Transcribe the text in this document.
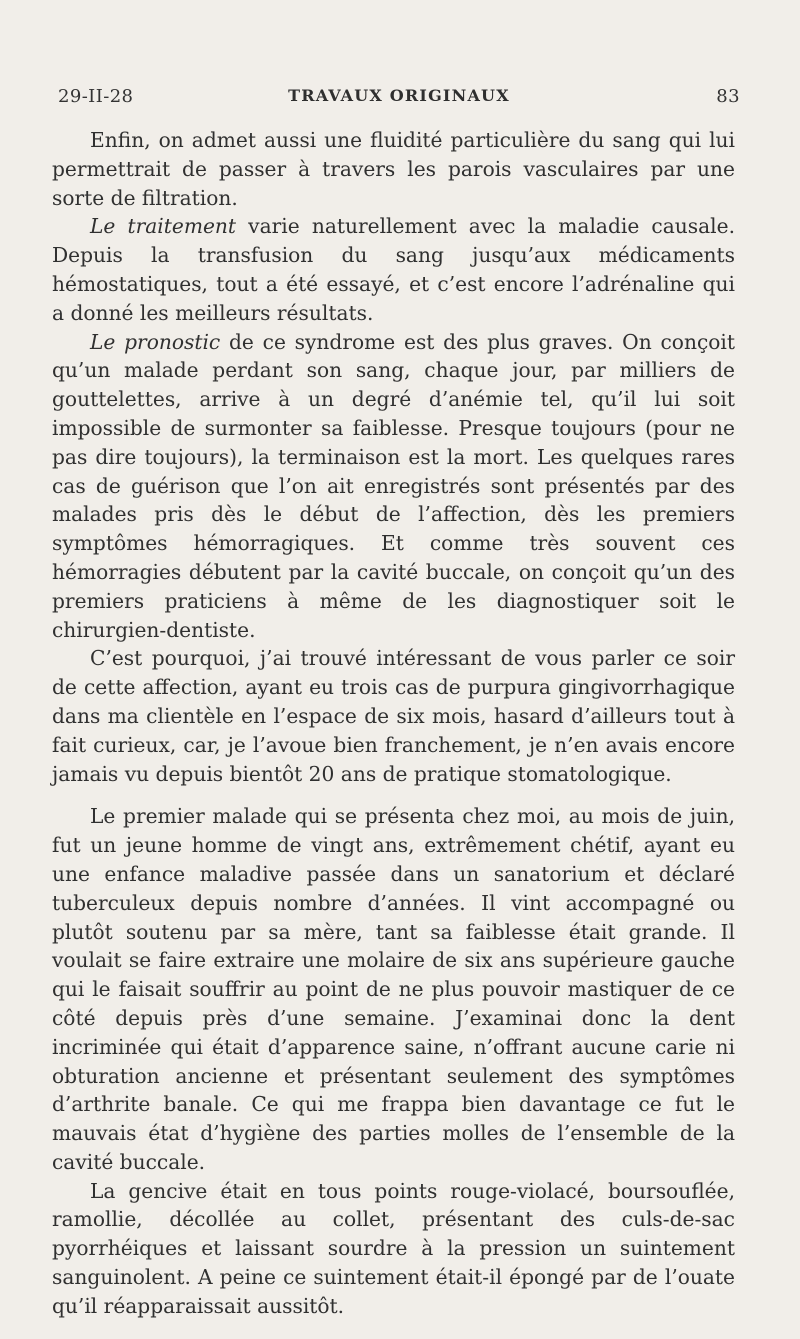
29-II-28	TRAVAUX ORIGINAUX	83

Enfin, on admet aussi une fluidité particulière du sang qui lui permettrait de passer à travers les parois vasculaires par une sorte de filtration.

Le traitement varie naturellement avec la maladie causale. Depuis la transfusion du sang jusqu’aux médicaments hémostatiques, tout a été essayé, et c’est encore l’adrénaline qui a donné les meilleurs résultats.

Le pronostic de ce syndrome est des plus graves. On conçoit qu’un malade perdant son sang, chaque jour, par milliers de gouttelettes, arrive à un degré d’anémie tel, qu’il lui soit impossible de surmonter sa faiblesse. Presque toujours (pour ne pas dire toujours), la terminaison est la mort. Les quelques rares cas de guérison que l’on ait enregistrés sont présentés par des malades pris dès le début de l’affection, dès les premiers symptômes hémorragiques. Et comme très souvent ces hémorragies débutent par la cavité buccale, on conçoit qu’un des premiers praticiens à même de les diagnostiquer soit le chirurgien-dentiste.

C’est pourquoi, j’ai trouvé intéressant de vous parler ce soir de cette affection, ayant eu trois cas de purpura gingivorrhagique dans ma clientèle en l’espace de six mois, hasard d’ailleurs tout à fait curieux, car, je l’avoue bien franchement, je n’en avais encore jamais vu depuis bientôt 20 ans de pratique stomatologique.

Le premier malade qui se présenta chez moi, au mois de juin, fut un jeune homme de vingt ans, extrêmement chétif, ayant eu une enfance maladive passée dans un sanatorium et déclaré tuberculeux depuis nombre d’années. Il vint accompagné ou plutôt soutenu par sa mère, tant sa faiblesse était grande. Il voulait se faire extraire une molaire de six ans supérieure gauche qui le faisait souffrir au point de ne plus pouvoir mastiquer de ce côté depuis près d’une semaine. J’examinai donc la dent incriminée qui était d’apparence saine, n’offrant aucune carie ni obturation ancienne et présentant seulement des symptômes d’arthrite banale. Ce qui me frappa bien davantage ce fut le mauvais état d’hygiène des parties molles de l’ensemble de la cavité buccale.

La gencive était en tous points rouge-violacé, boursouflée, ramollie, décollée au collet, présentant des culs-de-sac pyorrhéiques et laissant sourdre à la pression un suintement sanguinolent. A peine ce suintement était-il épongé par de l’ouate qu’il réapparaissait aussitôt.
